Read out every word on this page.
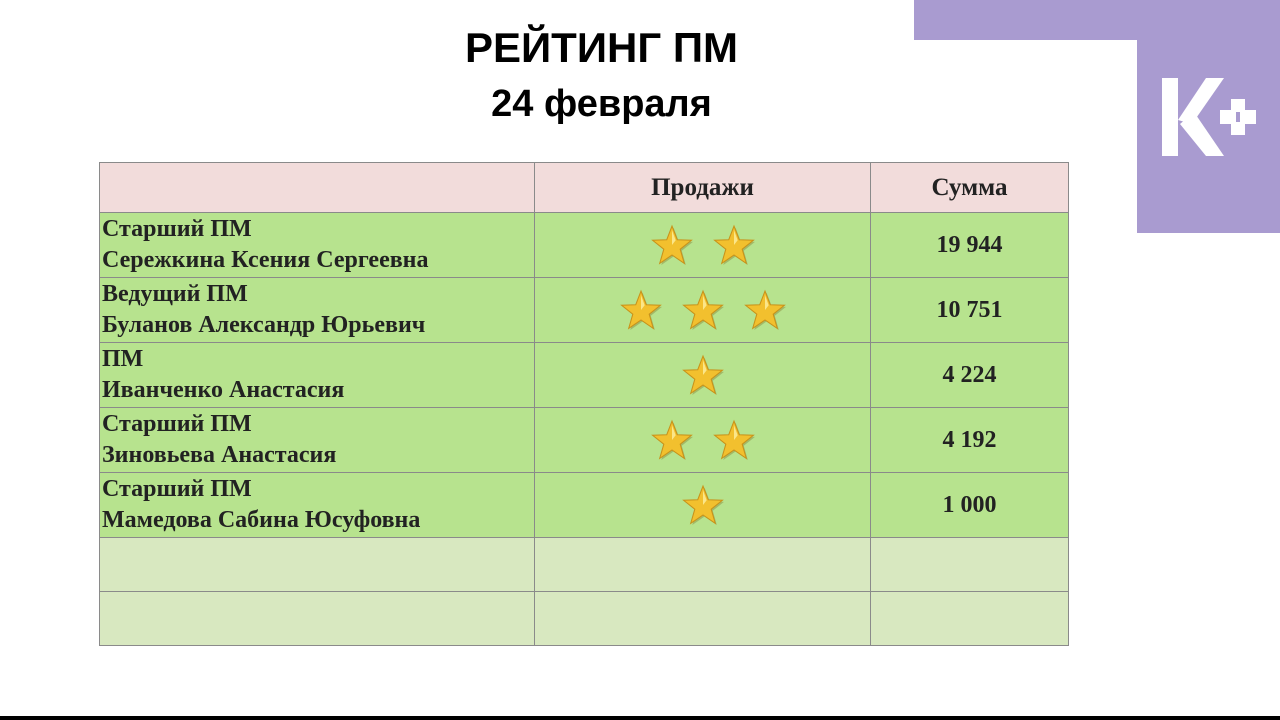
РЕЙТИНГ ПМ
24 февраля
	Продажи	Сумма

Старший ПМ
Сережкина Ксения Сергеевна		19 944

Ведущий ПМ
Буланов Александр Юрьевич		10 751

ПМ
Иванченко Анастасия		4 224

Старший ПМ
Зиновьева Анастасия		4 192

Старший ПМ
Мамедова Сабина Юсуфовна		1 000
